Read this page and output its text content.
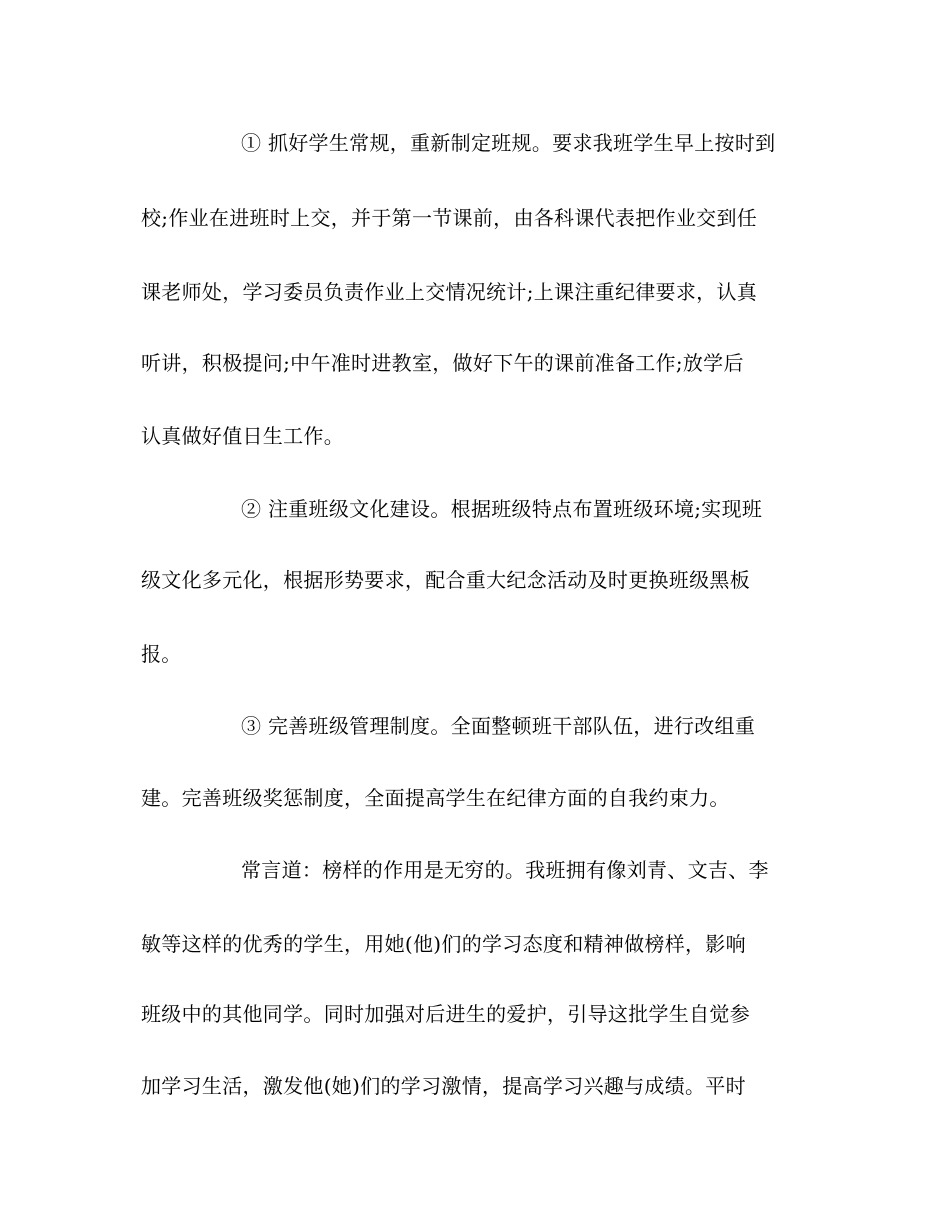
① 抓好学生常规，重新制定班规。要求我班学生早上按时到
校;作业在进班时上交，并于第一节课前，由各科课代表把作业交到任
课老师处，学习委员负责作业上交情况统计;上课注重纪律要求，认真
听讲，积极提问;中午准时进教室，做好下午的课前准备工作;放学后
认真做好值日生工作。
② 注重班级文化建设。根据班级特点布置班级环境;实现班
级文化多元化，根据形势要求，配合重大纪念活动及时更换班级黑板
报。
③ 完善班级管理制度。全面整顿班干部队伍，进行改组重
建。完善班级奖惩制度，全面提高学生在纪律方面的自我约束力。
常言道：榜样的作用是无穷的。我班拥有像刘青、文吉、李
敏等这样的优秀的学生，用她(他)们的学习态度和精神做榜样，影响
班级中的其他同学。同时加强对后进生的爱护，引导这批学生自觉参
加学习生活，激发他(她)们的学习激情，提高学习兴趣与成绩。平时
